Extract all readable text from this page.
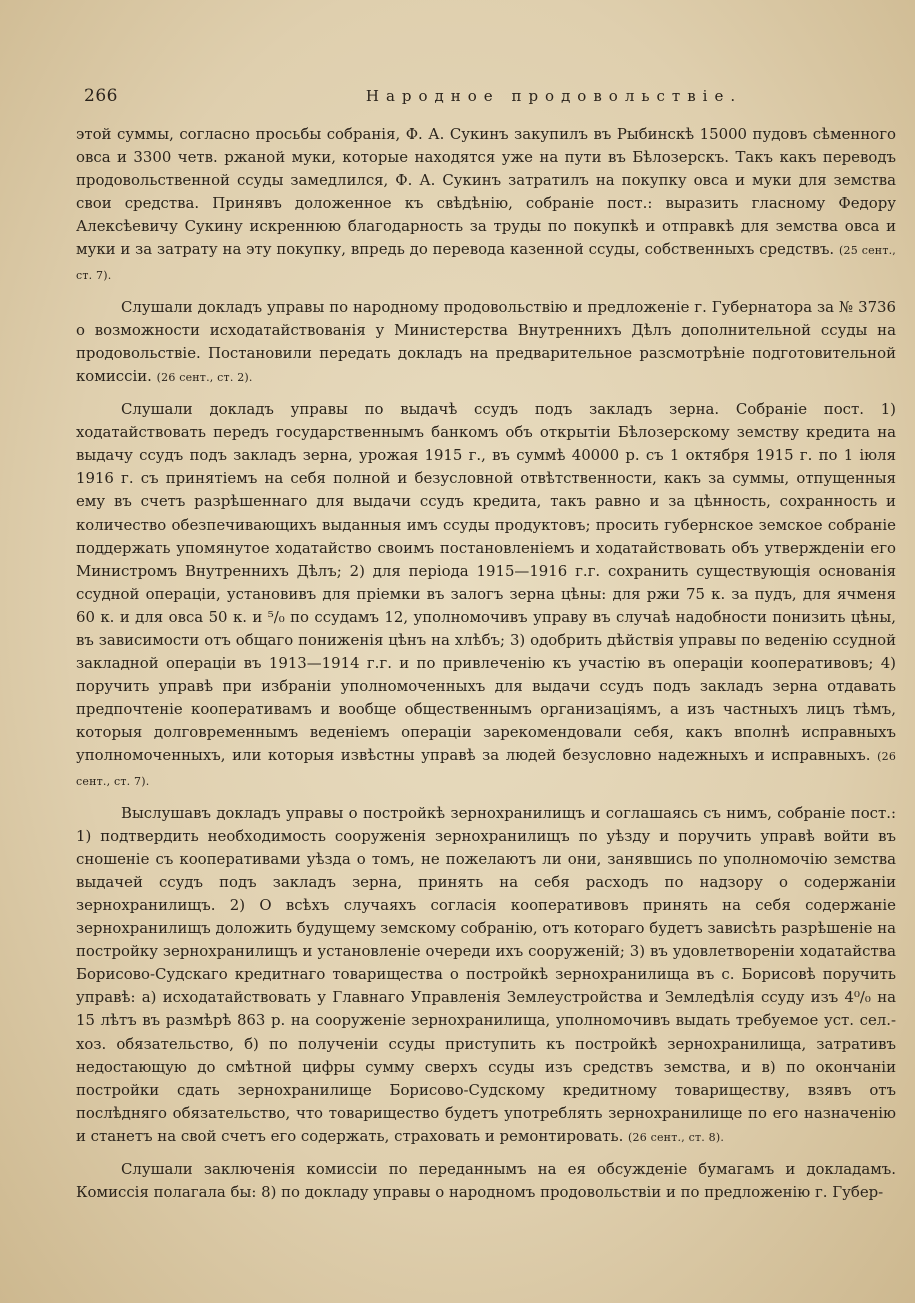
266	Народное продовольствіе.

этой суммы, согласно просьбы собранія, Ф. А. Сукинъ закупилъ въ Рыбинскѣ 15000 пудовъ сѣменного овса и 3300 четв. ржаной муки, которые находятся уже на пути въ Бѣлозерскъ. Такъ какъ переводъ продовольственной ссуды замедлился, Ф. А. Сукинъ затратилъ на покупку овса и муки для земства свои средства. Принявъ доложенное къ свѣдѣнію, собраніе пост.: выразить гласному Федору Алексѣевичу Сукину искреннюю благодарность за труды по покупкѣ и отправкѣ для земства овса и муки и за затрату на эту покупку, впредь до перевода казенной ссуды, собственныхъ средствъ. (25 сент., ст. 7).

Слушали докладъ управы по народному продовольствію и предложеніе г. Губернатора за № 3736 о возможности исходатайствованія у Министерства Внутреннихъ Дѣлъ дополнительной ссуды на продовольствіе. Постановили передать докладъ на предварительное разсмотрѣніе подготовительной комиссіи. (26 сент., ст. 2).

Слушали докладъ управы по выдачѣ ссудъ подъ закладъ зерна. Собраніе пост. 1) ходатайствовать передъ государственнымъ банкомъ объ открытіи Бѣлозерскому земству кредита на выдачу ссудъ подъ закладъ зерна, урожая 1915 г., въ суммѣ 40000 р. съ 1 октября 1915 г. по 1 іюля 1916 г. съ принятіемъ на себя полной и безусловной отвѣтственности, какъ за суммы, отпущенныя ему въ счетъ разрѣшеннаго для выдачи ссудъ кредита, такъ равно и за цѣнность, сохранность и количество обезпечивающихъ выданныя имъ ссуды продуктовъ; просить губернское земское собраніе поддержать упомянутое ходатайство своимъ постановленіемъ и ходатайствовать объ утвержденіи его Министромъ Внутреннихъ Дѣлъ; 2) для періода 1915—1916 г.г. сохранить существующія основанія ссудной операціи, установивъ для пріемки въ залогъ зерна цѣны: для ржи 75 к. за пудъ, для ячменя 60 к. и для овса 50 к. и ⁵/₀ по ссудамъ 12, уполномочивъ управу въ случаѣ надобности понизить цѣны, въ зависимости отъ общаго пониженія цѣнъ на хлѣбъ; 3) одобрить дѣйствія управы по веденію ссудной закладной операціи въ 1913—1914 г.г. и по привлеченію къ участію въ операціи кооперативовъ; 4) поручить управѣ при избраніи уполномоченныхъ для выдачи ссудъ подъ закладъ зерна отдавать предпочтеніе кооперативамъ и вообще общественнымъ организаціямъ, а изъ частныхъ лицъ тѣмъ, которыя долговременнымъ веденіемъ операціи зарекомендовали себя, какъ вполнѣ исправныхъ уполномоченныхъ, или которыя извѣстны управѣ за людей безусловно надежныхъ и исправныхъ. (26 сент., ст. 7).

Выслушавъ докладъ управы о постройкѣ зернохранилищъ и соглашаясь съ нимъ, собраніе пост.: 1) подтвердить необходимость сооруженія зернохранилищъ по уѣзду и поручить управѣ войти въ сношеніе съ кооперативами уѣзда о томъ, не пожелаютъ ли они, занявшись по уполномочію земства выдачей ссудъ подъ закладъ зерна, принять на себя расходъ по надзору о содержаніи зернохранилищъ. 2) О всѣхъ случаяхъ согласія кооперативовъ принять на себя содержаніе зернохранилищъ доложить будущему земскому собранію, отъ котораго будетъ зависѣть разрѣшеніе на постройку зернохранилищъ и установленіе очереди ихъ сооруженій; 3) въ удовлетвореніи ходатайства Борисово-Судскаго кредитнаго товарищества о постройкѣ зернохранилища въ с. Борисовѣ поручить управѣ: а) исходатайствовать у Главнаго Управленія Землеустройства и Земледѣлія ссуду изъ 4⁰/₀ на 15 лѣтъ въ размѣрѣ 863 р. на сооруженіе зернохранилища, уполномочивъ выдать требуемое уст. сел.-хоз. обязательство, б) по полученіи ссуды приступить къ постройкѣ зернохранилища, затративъ недостающую до смѣтной цифры сумму сверхъ ссуды изъ средствъ земства, и в) по окончаніи постройки сдать зернохранилище Борисово-Судскому кредитному товариществу, взявъ отъ послѣдняго обязательство, что товарищество будетъ употреблять зернохранилище по его назначенію и станетъ на свой счетъ его содержать, страховать и ремонтировать. (26 сент., ст. 8).

Слушали заключенія комиссіи по переданнымъ на ея обсужденіе бумагамъ и докладамъ. Комиссія полагала бы: 8) по докладу управы о народномъ продовольствіи и по предложенію г. Губер-
